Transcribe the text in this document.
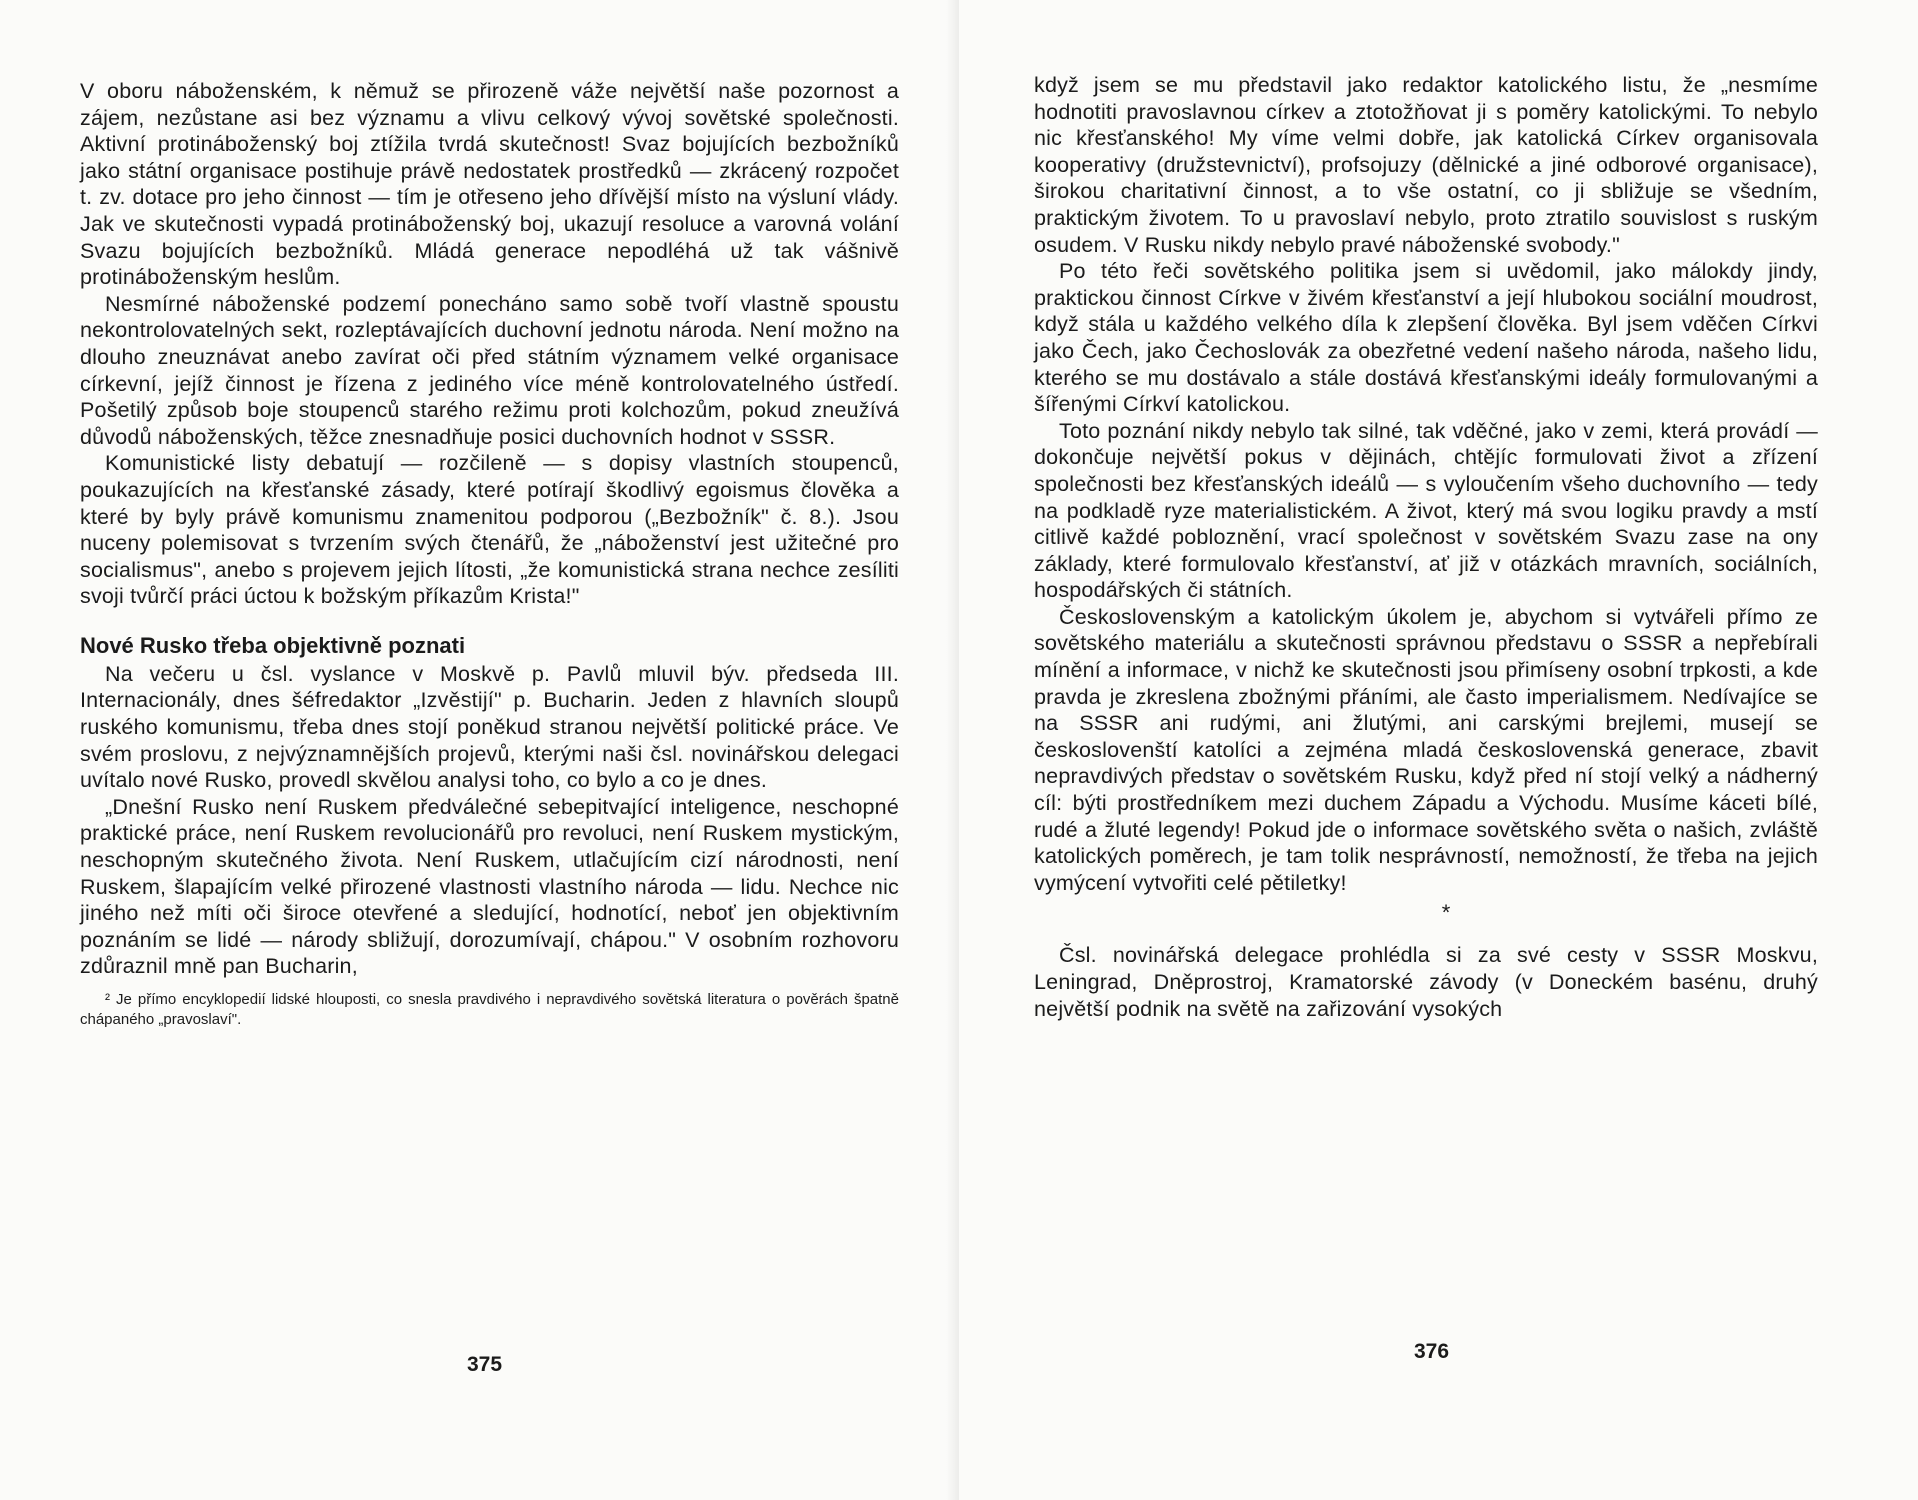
V oboru náboženském, k němuž se přirozeně váže největší naše pozornost a zájem, nezůstane asi bez významu a vlivu celkový vývoj sovětské společnosti. Aktivní protináboženský boj ztížila tvrdá skutečnost! Svaz bojujících bezbožníků jako státní organisace postihuje právě nedostatek prostředků — zkrácený rozpočet t. zv. dotace pro jeho činnost — tím je otřeseno jeho dřívější místo na výsluní vlády. Jak ve skutečnosti vypadá protináboženský boj, ukazují resoluce a varovná volání Svazu bojujících bezbožníků. Mládá generace nepodléhá už tak vášnivě protináboženským heslům.

Nesmírné náboženské podzemí ponecháno samo sobě tvoří vlastně spoustu nekontrolovatelných sekt, rozleptávajících duchovní jednotu národa. Není možno na dlouho zneuznávat anebo zavírat oči před státním významem velké organisace církevní, jejíž činnost je řízena z jediného více méně kontrolovatelného ústředí. Pošetilý způsob boje stoupenců starého režimu proti kolchozům, pokud zneužívá důvodů náboženských, těžce znesnadňuje posici duchovních hodnot v SSSR.

Komunistické listy debatují — rozčileně — s dopisy vlastních stoupenců, poukazujících na křesťanské zásady, které potírají škodlivý egoismus člověka a které by byly právě komunismu znamenitou podporou („Bezbožník" č. 8.). Jsou nuceny polemisovat s tvrzením svých čtenářů, že „náboženství jest užitečné pro socialismus", anebo s projevem jejich lítosti, „že komunistická strana nechce zesíliti svoji tvůrčí práci úctou k božským příkazům Krista!"

Nové Rusko třeba objektivně poznati

Na večeru u čsl. vyslance v Moskvě p. Pavlů mluvil býv. předseda III. Internacionály, dnes šéfredaktor „Izvěstijí" p. Bucharin. Jeden z hlavních sloupů ruského komunismu, třeba dnes stojí poněkud stranou největší politické práce. Ve svém proslovu, z nejvýznamnějších projevů, kterými naši čsl. novinářskou delegaci uvítalo nové Rusko, provedl skvělou analysi toho, co bylo a co je dnes.

„Dnešní Rusko není Ruskem předválečné sebepitvající inteligence, neschopné praktické práce, není Ruskem revolucionářů pro revoluci, není Ruskem mystickým, neschopným skutečného života. Není Ruskem, utlačujícím cizí národnosti, není Ruskem, šlapajícím velké přirozené vlastnosti vlastního národa — lidu. Nechce nic jiného než míti oči široce otevřené a sledující, hodnotící, neboť jen objektivním poznáním se lidé — národy sbližují, dorozumívají, chápou." V osobním rozhovoru zdůraznil mně pan Bucharin,

² Je přímo encyklopedií lidské hlouposti, co snesla pravdivého i nepravdivého sovětská literatura o pověrách špatně chápaného „pravoslaví".
375

když jsem se mu představil jako redaktor katolického listu, že „nesmíme hodnotiti pravoslavnou církev a ztotožňovat ji s poměry katolickými. To nebylo nic křesťanského! My víme velmi dobře, jak katolická Církev organisovala kooperativy (družstevnictví), profsojuzy (dělnické a jiné odborové organisace), širokou charitativní činnost, a to vše ostatní, co ji sbližuje se všedním, praktickým životem. To u pravoslaví nebylo, proto ztratilo souvislost s ruským osudem. V Rusku nikdy nebylo pravé náboženské svobody."

Po této řeči sovětského politika jsem si uvědomil, jako málokdy jindy, praktickou činnost Církve v živém křesťanství a její hlubokou sociální moudrost, když stála u každého velkého díla k zlepšení člověka. Byl jsem vděčen Církvi jako Čech, jako Čechoslovák za obezřetné vedení našeho národa, našeho lidu, kterého se mu dostávalo a stále dostává křesťanskými ideály formulovanými a šířenými Církví katolickou.

Toto poznání nikdy nebylo tak silné, tak vděčné, jako v zemi, která provádí — dokončuje největší pokus v dějinách, chtějíc formulovati život a zřízení společnosti bez křesťanských ideálů — s vyloučením všeho duchovního — tedy na podkladě ryze materialistickém. A život, který má svou logiku pravdy a mstí citlivě každé pobloznění, vrací společnost v sovětském Svazu zase na ony základy, které formulovalo křesťanství, ať již v otázkách mravních, sociálních, hospodářských či státních.

Československým a katolickým úkolem je, abychom si vytvářeli přímo ze sovětského materiálu a skutečnosti správnou představu o SSSR a nepřebírali mínění a informace, v nichž ke skutečnosti jsou přimíseny osobní trpkosti, a kde pravda je zkreslena zbožnými přáními, ale často imperialismem. Nedívajíce se na SSSR ani rudými, ani žlutými, ani carskými brejlemi, musejí se českoslovenští katolíci a zejména mladá československá generace, zbavit nepravdivých představ o sovětském Rusku, když před ní stojí velký a nádherný cíl: býti prostředníkem mezi duchem Západu a Východu. Musíme káceti bílé, rudé a žluté legendy! Pokud jde o informace sovětského světa o našich, zvláště katolických poměrech, je tam tolik nesprávností, nemožností, že třeba na jejich vymýcení vytvořiti celé pětiletky!

*

Čsl. novinářská delegace prohlédla si za své cesty v SSSR Moskvu, Leningrad, Dněprostroj, Kramatorské závody (v Doneckém basénu, druhý největší podnik na světě na zařizování vysokých

376
